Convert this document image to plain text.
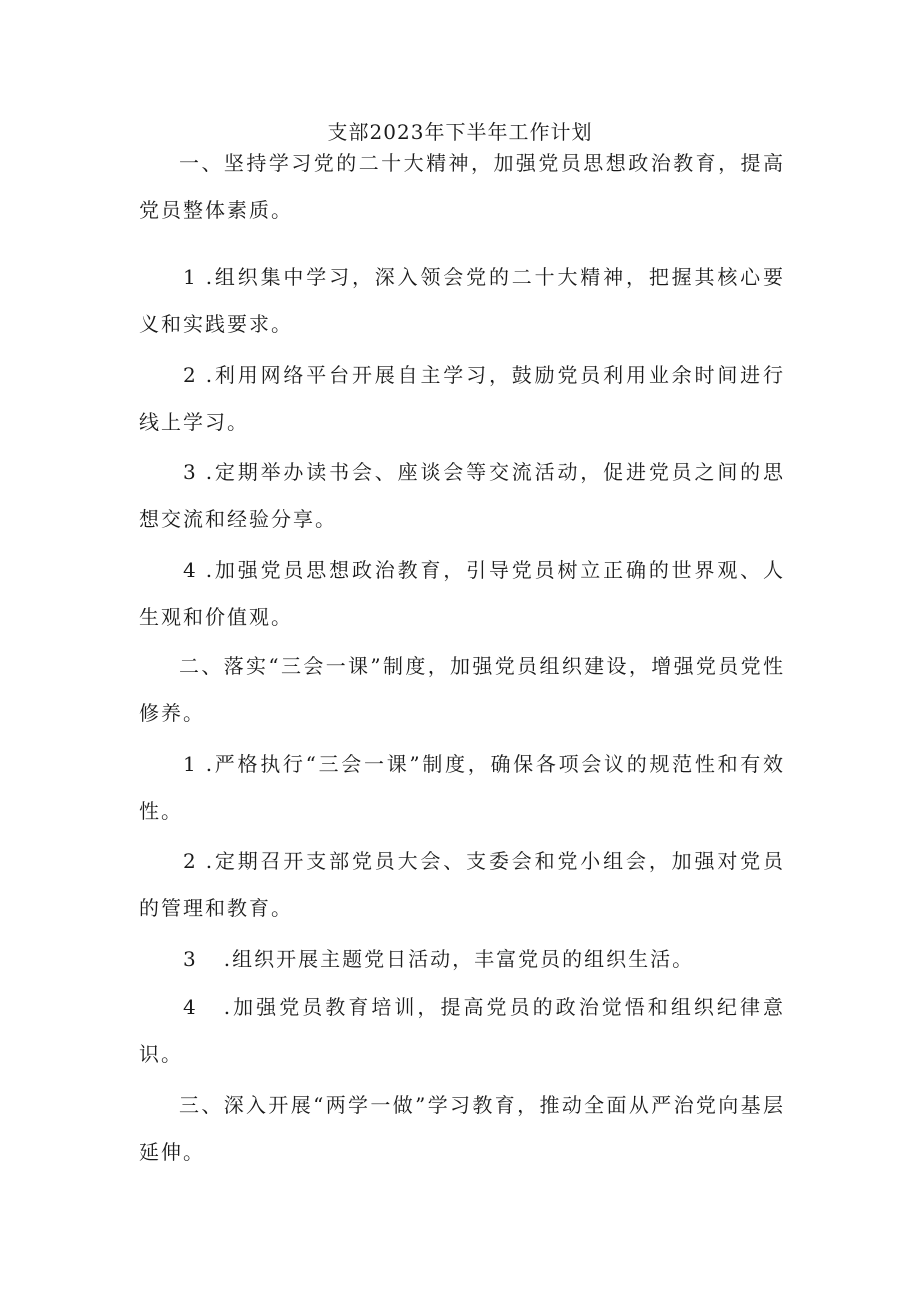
支部2023年下半年工作计划

一、坚持学习党的二十大精神，加强党员思想政治教育，提高党员整体素质。

1 .组织集中学习，深入领会党的二十大精神，把握其核心要义和实践要求。

2 .利用网络平台开展自主学习，鼓励党员利用业余时间进行线上学习。

3 .定期举办读书会、座谈会等交流活动，促进党员之间的思想交流和经验分享。

4 .加强党员思想政治教育，引导党员树立正确的世界观、人生观和价值观。

二、落实“三会一课”制度，加强党员组织建设，增强党员党性修养。

1 .严格执行“三会一课”制度，确保各项会议的规范性和有效性。

2 .定期召开支部党员大会、支委会和党小组会，加强对党员的管理和教育。

3 .组织开展主题党日活动，丰富党员的组织生活。

4 .加强党员教育培训，提高党员的政治觉悟和组织纪律意识。

三、深入开展“两学一做”学习教育，推动全面从严治党向基层延伸。
